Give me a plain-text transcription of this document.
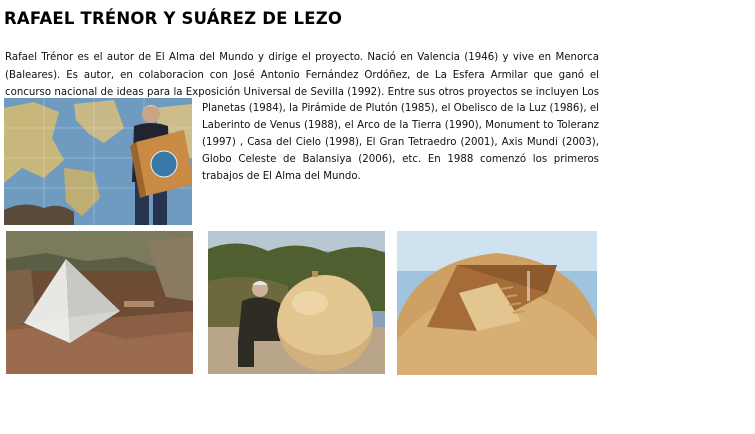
RAFAEL TRÉNOR Y SUÁREZ DE LEZO

Rafael Trénor es el autor de El Alma del Mundo y dirige el proyecto. Nació en Valencia (1946) y vive en Menorca (Baleares). Es autor, en colaboracion con José Antonio Fernández Ordóñez, de La Esfera Armilar que ganó el concurso nacional de ideas para la Exposición Universal de Sevilla (1992). Entre sus otros proyectos se incluyen Los

Planetas (1984), la Pirámide de Plutón (1985), el Obelisco de la Luz (1986), el Laberinto de Venus (1988), el Arco de la Tierra (1990), Monument to Toleranz (1997) , Casa del Cielo (1998), El Gran Tetraedro (2001), Axis Mundi (2003), Globo Celeste de Balansiya (2006), etc. En 1988 comenzó los primeros trabajos de El Alma del Mundo.
